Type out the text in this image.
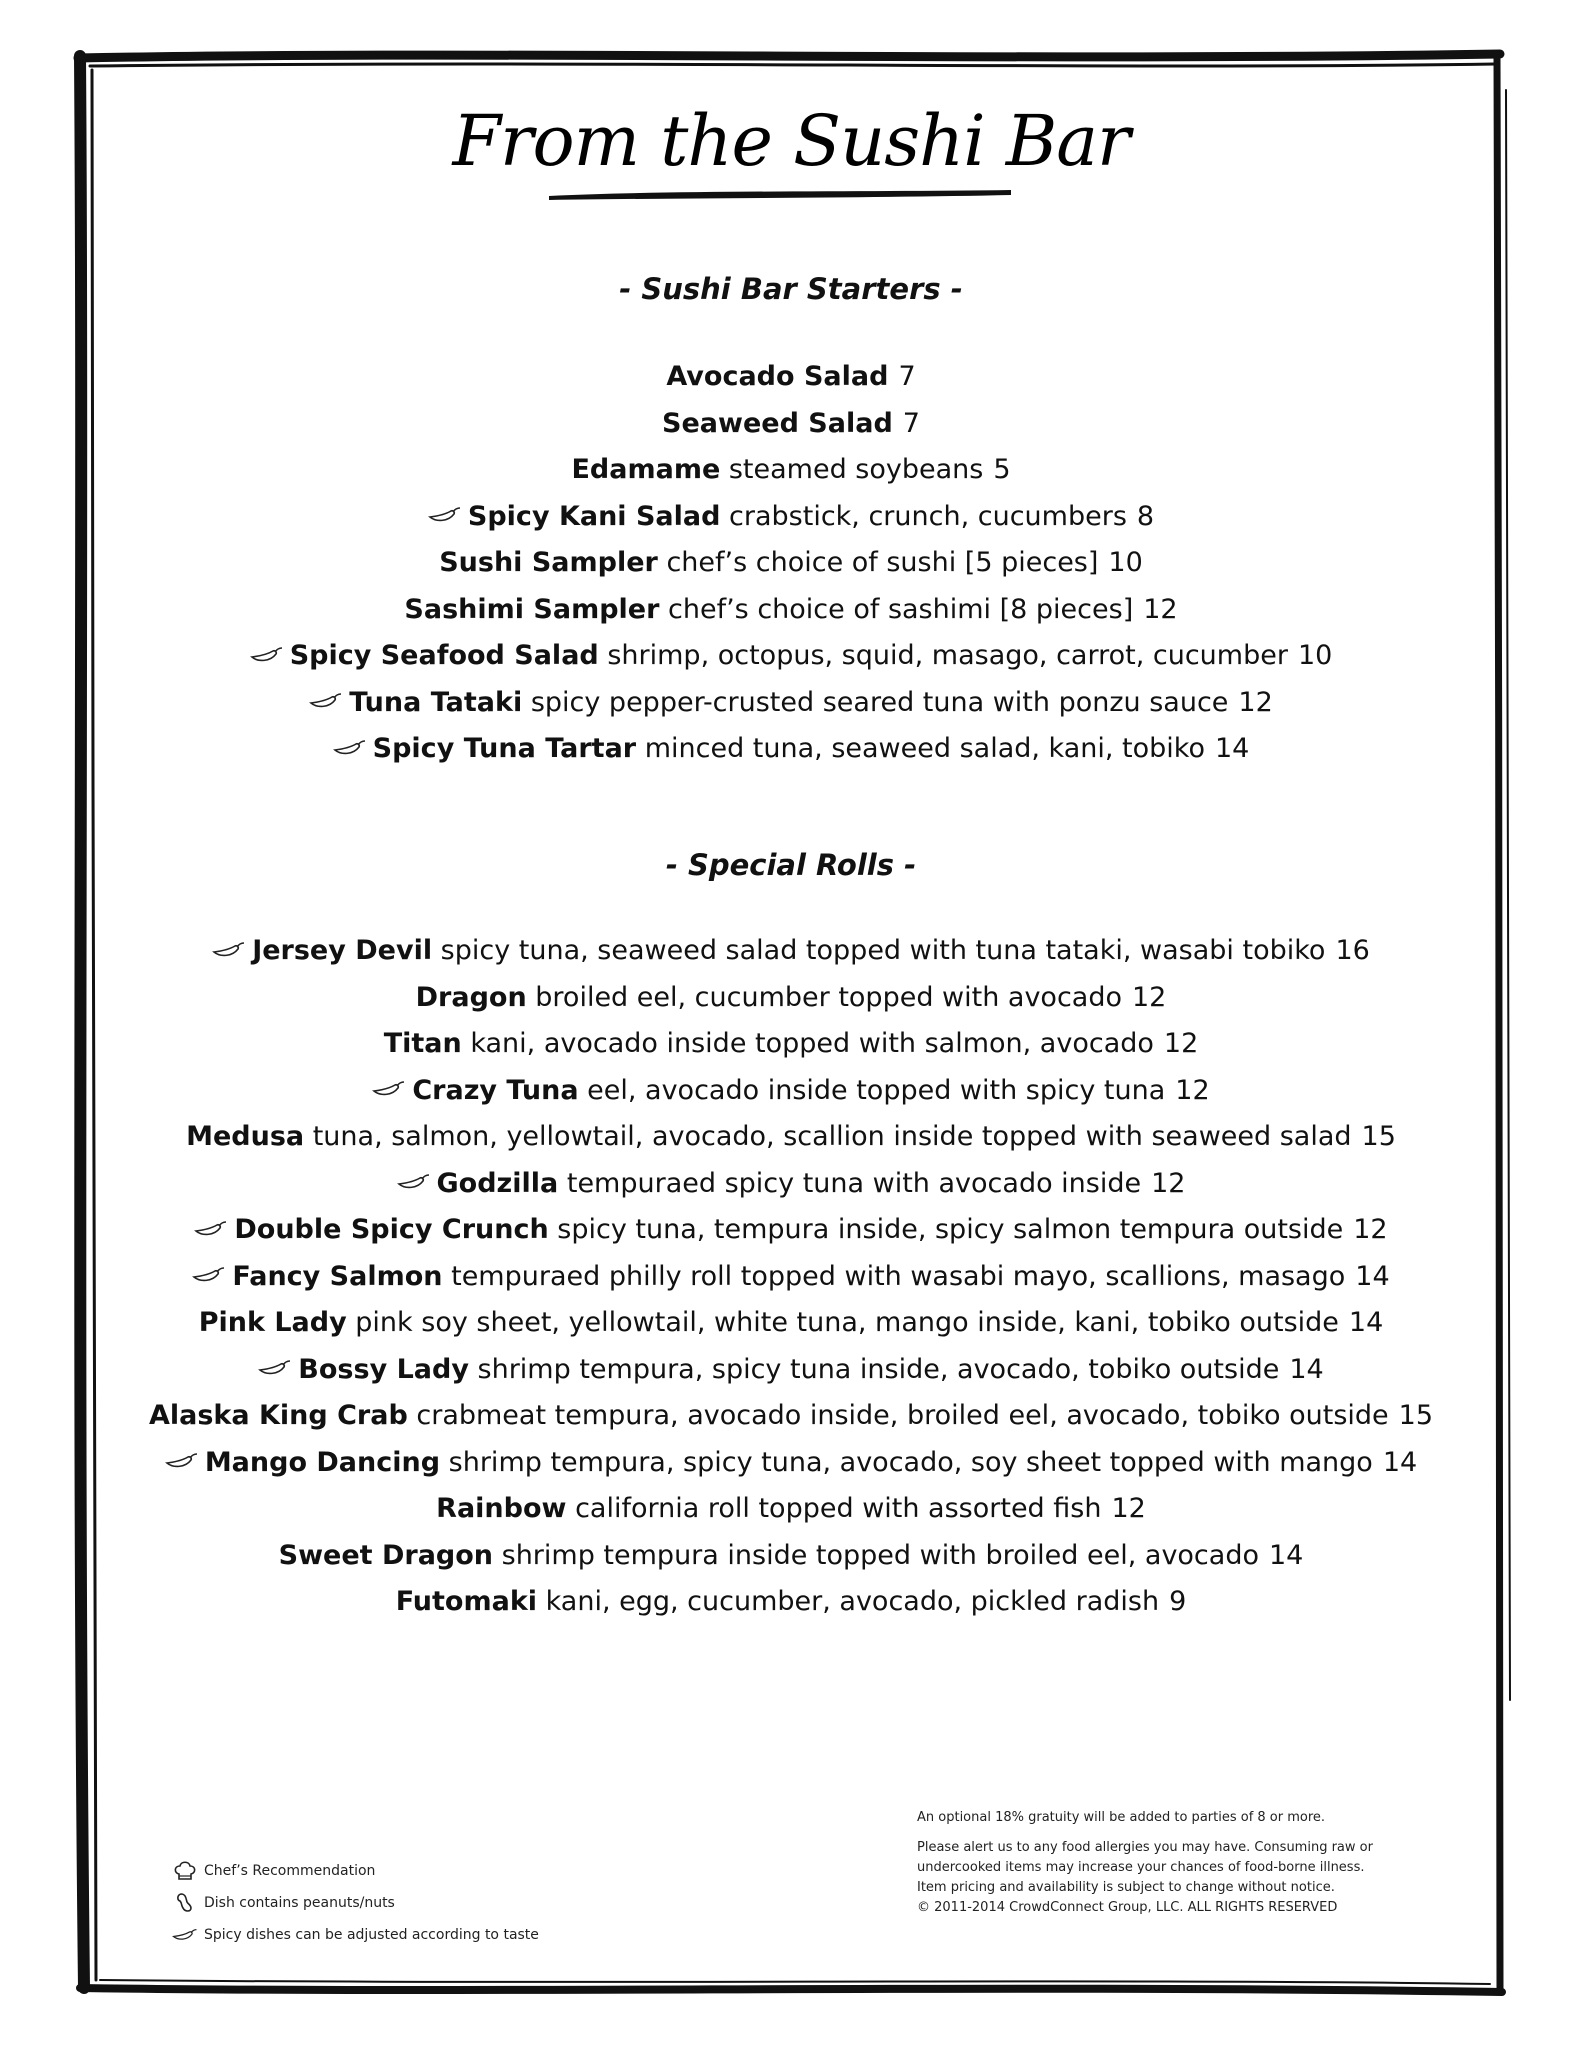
From the Sushi Bar
- Sushi Bar Starters -
Avocado Salad 7
Seaweed Salad 7
Edamame steamed soybeans 5
Spicy Kani Salad crabstick, crunch, cucumbers 8
Sushi Sampler chef’s choice of sushi [5 pieces] 10
Sashimi Sampler chef’s choice of sashimi [8 pieces] 12
Spicy Seafood Salad shrimp, octopus, squid, masago, carrot, cucumber 10
Tuna Tataki spicy pepper-crusted seared tuna with ponzu sauce 12
Spicy Tuna Tartar minced tuna, seaweed salad, kani, tobiko 14
- Special Rolls -
Jersey Devil spicy tuna, seaweed salad topped with tuna tataki, wasabi tobiko 16
Dragon broiled eel, cucumber topped with avocado 12
Titan kani, avocado inside topped with salmon, avocado 12
Crazy Tuna eel, avocado inside topped with spicy tuna 12
Medusa tuna, salmon, yellowtail, avocado, scallion inside topped with seaweed salad 15
Godzilla tempuraed spicy tuna with avocado inside 12
Double Spicy Crunch spicy tuna, tempura inside, spicy salmon tempura outside 12
Fancy Salmon tempuraed philly roll topped with wasabi mayo, scallions, masago 14
Pink Lady pink soy sheet, yellowtail, white tuna, mango inside, kani, tobiko outside 14
Bossy Lady shrimp tempura, spicy tuna inside, avocado, tobiko outside 14
Alaska King Crab crabmeat tempura, avocado inside, broiled eel, avocado, tobiko outside 15
Mango Dancing shrimp tempura, spicy tuna, avocado, soy sheet topped with mango 14
Rainbow california roll topped with assorted fish 12
Sweet Dragon shrimp tempura inside topped with broiled eel, avocado 14
Futomaki kani, egg, cucumber, avocado, pickled radish 9
Chef’s Recommendation
Dish contains peanuts/nuts
Spicy dishes can be adjusted according to taste

An optional 18% gratuity will be added to parties of 8 or more.

Please alert us to any food allergies you may have. Consuming raw or
undercooked items may increase your chances of food-borne illness.
Item pricing and availability is subject to change without notice.
© 2011-2014 CrowdConnect Group, LLC. ALL RIGHTS RESERVED
